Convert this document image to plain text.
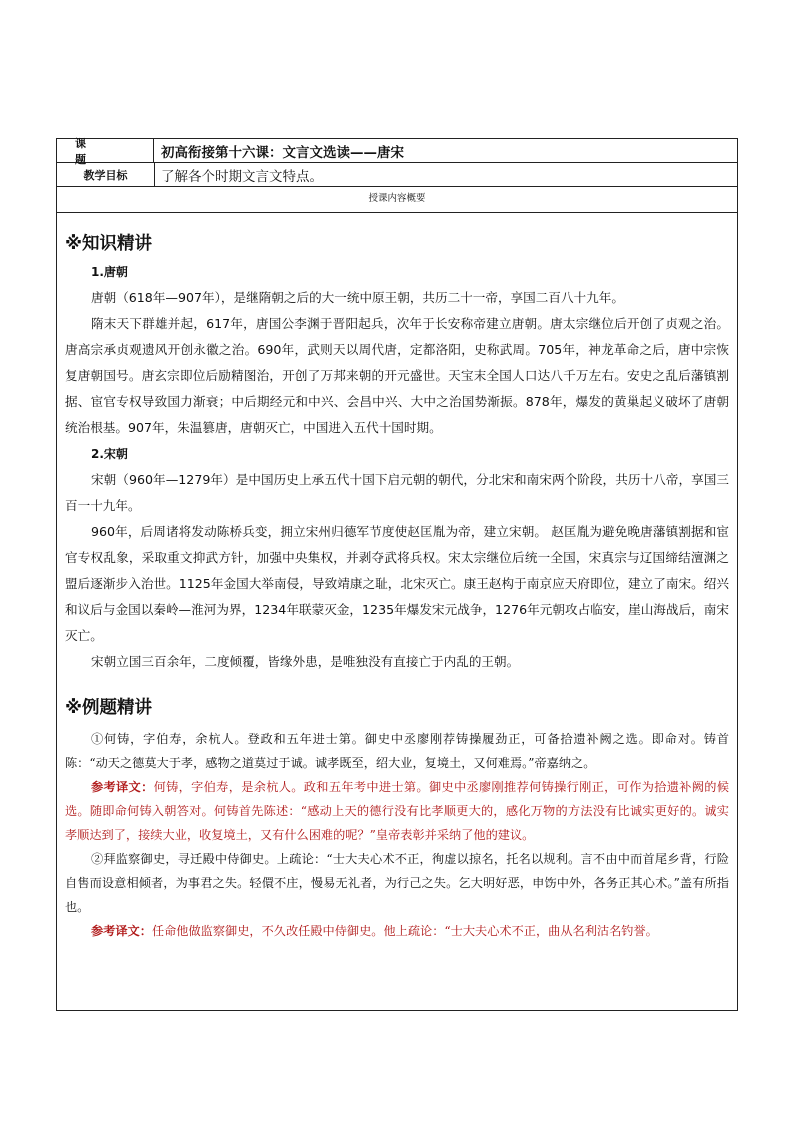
课 题	初高衔接第十六课：文言文选读——唐宋
教学目标	了解各个时期文言文特点。
授课内容概要
※知识精讲
1.唐朝

唐朝（618年—907年），是继隋朝之后的大一统中原王朝，共历二十一帝，享国二百八十九年。

隋末天下群雄并起，617年，唐国公李渊于晋阳起兵，次年于长安称帝建立唐朝。唐太宗继位后开创了贞观之治。唐高宗承贞观遗风开创永徽之治。690年，武则天以周代唐，定都洛阳，史称武周。705年，神龙革命之后，唐中宗恢复唐朝国号。唐玄宗即位后励精图治，开创了万邦来朝的开元盛世。天宝末全国人口达八千万左右。安史之乱后藩镇割据、宦官专权导致国力渐衰；中后期经元和中兴、会昌中兴、大中之治国势渐振。878年，爆发的黄巢起义破坏了唐朝统治根基。907年，朱温篡唐，唐朝灭亡，中国进入五代十国时期。

2.宋朝

宋朝（960年—1279年）是中国历史上承五代十国下启元朝的朝代，分北宋和南宋两个阶段，共历十八帝，享国三百一十九年。

960年，后周诸将发动陈桥兵变，拥立宋州归德军节度使赵匡胤为帝，建立宋朝。 赵匡胤为避免晚唐藩镇割据和宦官专权乱象，采取重文抑武方针，加强中央集权，并剥夺武将兵权。宋太宗继位后统一全国，宋真宗与辽国缔结澶渊之盟后逐渐步入治世。1125年金国大举南侵，导致靖康之耻，北宋灭亡。康王赵构于南京应天府即位，建立了南宋。绍兴和议后与金国以秦岭—淮河为界，1234年联蒙灭金，1235年爆发宋元战争，1276年元朝攻占临安，崖山海战后，南宋灭亡。

宋朝立国三百余年，二度倾覆，皆缘外患，是唯独没有直接亡于内乱的王朝。

※例题精讲

①何铸，字伯寿，余杭人。登政和五年进士第。御史中丞廖刚荐铸操履劲正，可备拾遗补阙之选。即命对。铸首陈：“动天之德莫大于孝，感物之道莫过于诚。诚孝既至，绍大业，复境土，又何难焉。”帝嘉纳之。

参考译文：何铸，字伯寿，是余杭人。政和五年考中进士第。御史中丞廖刚推荐何铸操行刚正，可作为拾遗补阙的候选。随即命何铸入朝答对。何铸首先陈述：“感动上天的德行没有比孝顺更大的，感化万物的方法没有比诚实更好的。诚实孝顺达到了，接续大业，收复境土，又有什么困难的呢？”皇帝表彰并采纳了他的建议。

②拜监察御史，寻迁殿中侍御史。上疏论：“士大夫心术不正，徇虚以掠名，托名以规利。言不由中而首尾乡背，行险自售而设意相倾者，为事君之失。轻儇不庄，慢易无礼者，为行己之失。乞大明好恶，申饬中外，各务正其心术。”盖有所指也。

参考译文：任命他做监察御史，不久改任殿中侍御史。他上疏论：“士大夫心术不正，曲从名利沽名钓誉。
